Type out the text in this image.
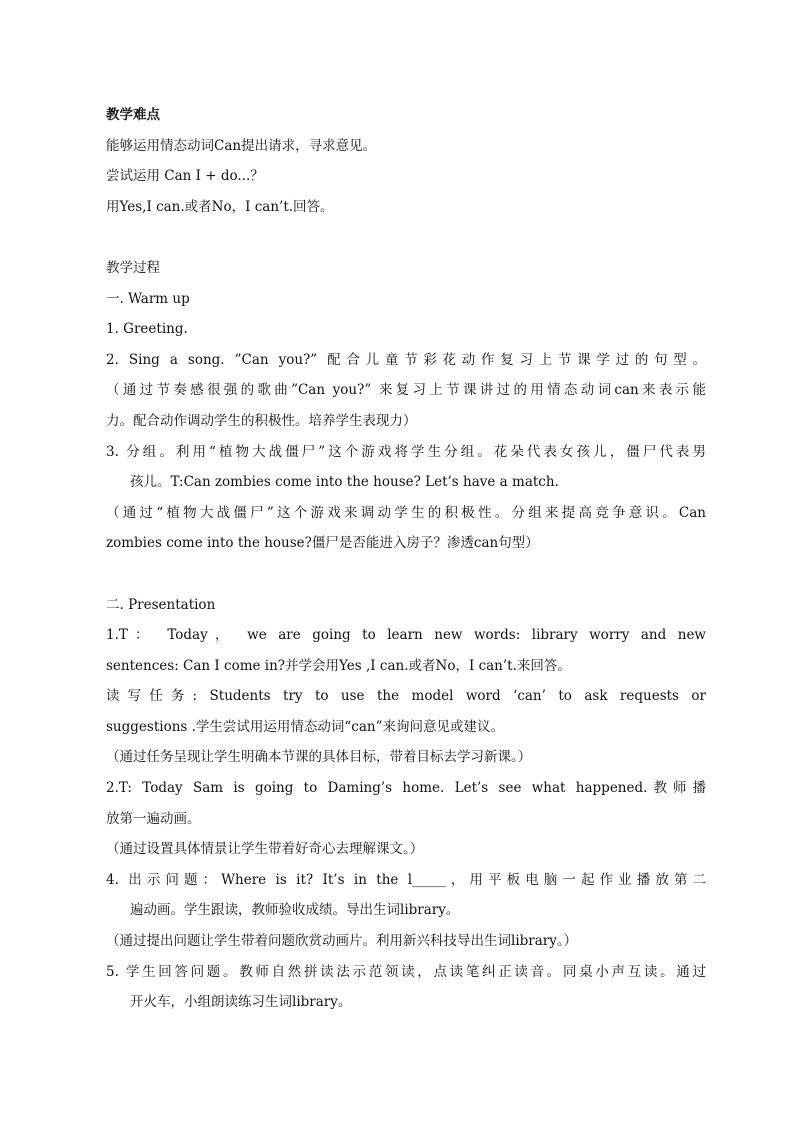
教学难点
能够运用情态动词Can提出请求，寻求意见。
尝试运用 Can I + do...？
用Yes,I can.或者No，I can’t.回答。
教学过程
一. Warm up
1. Greeting.
2. Sing a song. ”Can you?” 配合儿童节彩花动作复习上节课学过的句型。
（通过节奏感很强的歌曲”Can you?” 来复习上节课讲过的用情态动词can来表示能
力。配合动作调动学生的积极性。培养学生表现力）
3. 分组。利用“植物大战僵尸”这个游戏将学生分组。花朵代表女孩儿，僵尸代表男
孩儿。T:Can zombies come into the house? Let’s have a match.
（通过“植物大战僵尸”这个游戏来调动学生的积极性。分组来提高竞争意识。Can
zombies come into the house?僵尸是否能进入房子？渗透can句型）
二. Presentation
1.T： Today， we are going to learn new words: library worry and new
sentences: Can I come in?并学会用Yes ,I can.或者No，I can’t.来回答。
读写任务: Students try to use the model word ‘can’ to ask requests or
suggestions .学生尝试用运用情态动词“can”来询问意见或建议。
（通过任务呈现让学生明确本节课的具体目标，带着目标去学习新课。）
2.T: Today Sam is going to Daming’s home. Let’s see what happened.教师播
放第一遍动画。
（通过设置具体情景让学生带着好奇心去理解课文。）
4. 出示问题：Where is it? It’s in the l_____，用平板电脑一起作业播放第二
遍动画。学生跟读，教师验收成绩。导出生词library。
（通过提出问题让学生带着问题欣赏动画片。利用新兴科技导出生词library。）
5. 学生回答问题。教师自然拼读法示范领读，点读笔纠正读音。同桌小声互读。通过
开火车，小组朗读练习生词library。
